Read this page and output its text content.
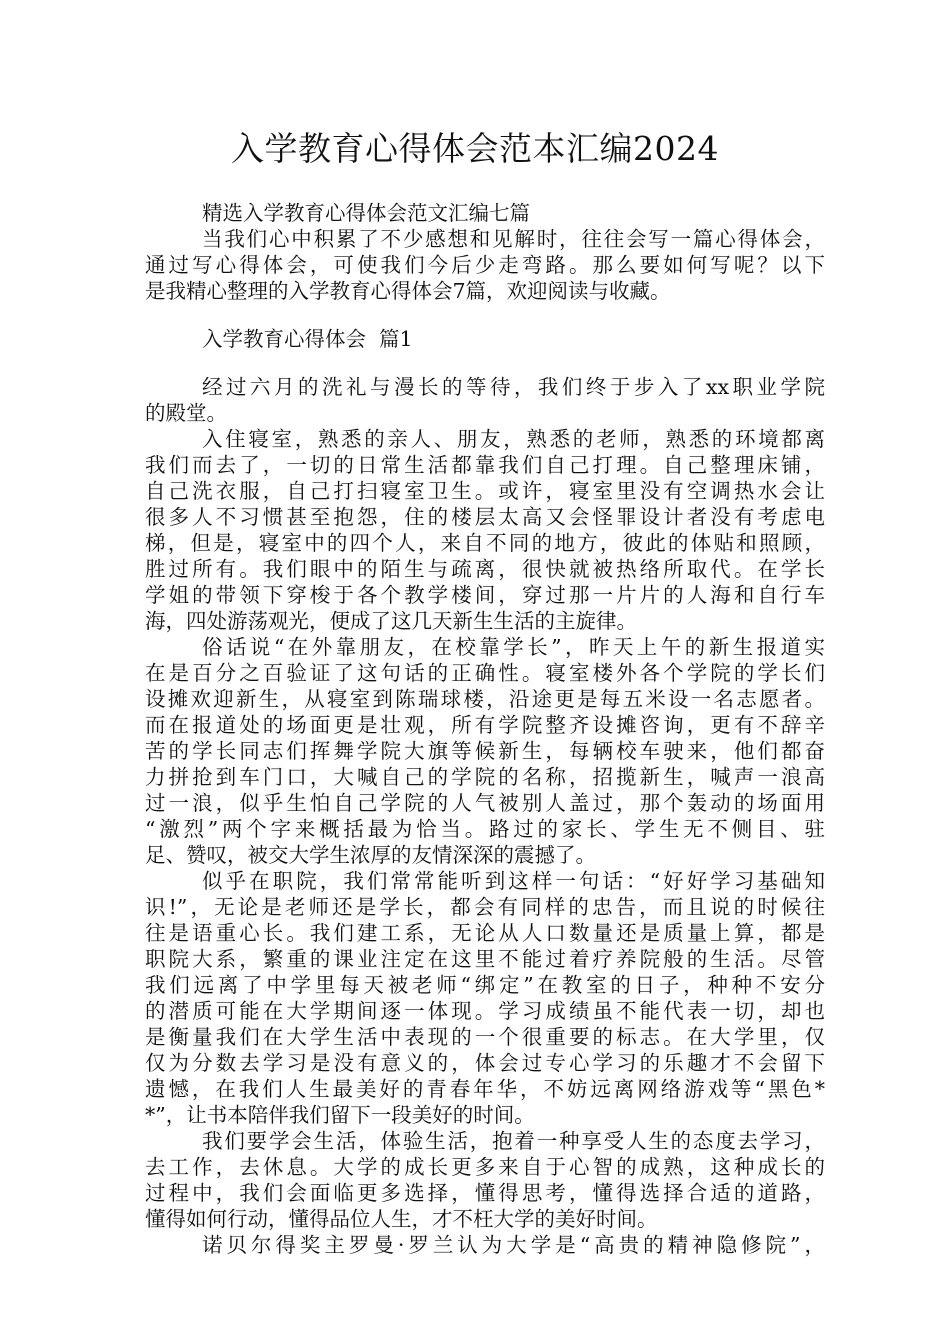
入学教育心得体会范本汇编2024
精选入学教育心得体会范文汇编七篇
当我们心中积累了不少感想和见解时，往往会写一篇心得体会，
通过写心得体会，可使我们今后少走弯路。那么要如何写呢？以下
是我精心整理的入学教育心得体会7篇，欢迎阅读与收藏。
入学教育心得体会  篇1
经过六月的洗礼与漫长的等待，我们终于步入了xx职业学院
的殿堂。
入住寝室，熟悉的亲人、朋友，熟悉的老师，熟悉的环境都离
我们而去了，一切的日常生活都靠我们自己打理。自己整理床铺，
自己洗衣服，自己打扫寝室卫生。或许，寝室里没有空调热水会让
很多人不习惯甚至抱怨，住的楼层太高又会怪罪设计者没有考虑电
梯，但是，寝室中的四个人，来自不同的地方，彼此的体贴和照顾，
胜过所有。我们眼中的陌生与疏离，很快就被热络所取代。在学长
学姐的带领下穿梭于各个教学楼间，穿过那一片片的人海和自行车
海，四处游荡观光，便成了这几天新生生活的主旋律。
俗话说“在外靠朋友，在校靠学长”，昨天上午的新生报道实
在是百分之百验证了这句话的正确性。寝室楼外各个学院的学长们
设摊欢迎新生，从寝室到陈瑞球楼，沿途更是每五米设一名志愿者。
而在报道处的场面更是壮观，所有学院整齐设摊咨询，更有不辞辛
苦的学长同志们挥舞学院大旗等候新生，每辆校车驶来，他们都奋
力拼抢到车门口，大喊自己的学院的名称，招揽新生，喊声一浪高
过一浪，似乎生怕自己学院的人气被别人盖过，那个轰动的场面用
“激烈”两个字来概括最为恰当。路过的家长、学生无不侧目、驻
足、赞叹，被交大学生浓厚的友情深深的震撼了。
似乎在职院，我们常常能听到这样一句话：“好好学习基础知
识!”，无论是老师还是学长，都会有同样的忠告，而且说的时候往
往是语重心长。我们建工系，无论从人口数量还是质量上算，都是
职院大系，繁重的课业注定在这里不能过着疗养院般的生活。尽管
我们远离了中学里每天被老师“绑定”在教室的日子，种种不安分
的潜质可能在大学期间逐一体现。学习成绩虽不能代表一切，却也
是衡量我们在大学生活中表现的一个很重要的标志。在大学里，仅
仅为分数去学习是没有意义的，体会过专心学习的乐趣才不会留下
遗憾，在我们人生最美好的青春年华，不妨远离网络游戏等“黑色*
*”，让书本陪伴我们留下一段美好的时间。
我们要学会生活，体验生活，抱着一种享受人生的态度去学习，
去工作，去休息。大学的成长更多来自于心智的成熟，这种成长的
过程中，我们会面临更多选择，懂得思考，懂得选择合适的道路，
懂得如何行动，懂得品位人生，才不枉大学的美好时间。
诺贝尔得奖主罗曼·罗兰认为大学是“高贵的精神隐修院”，
